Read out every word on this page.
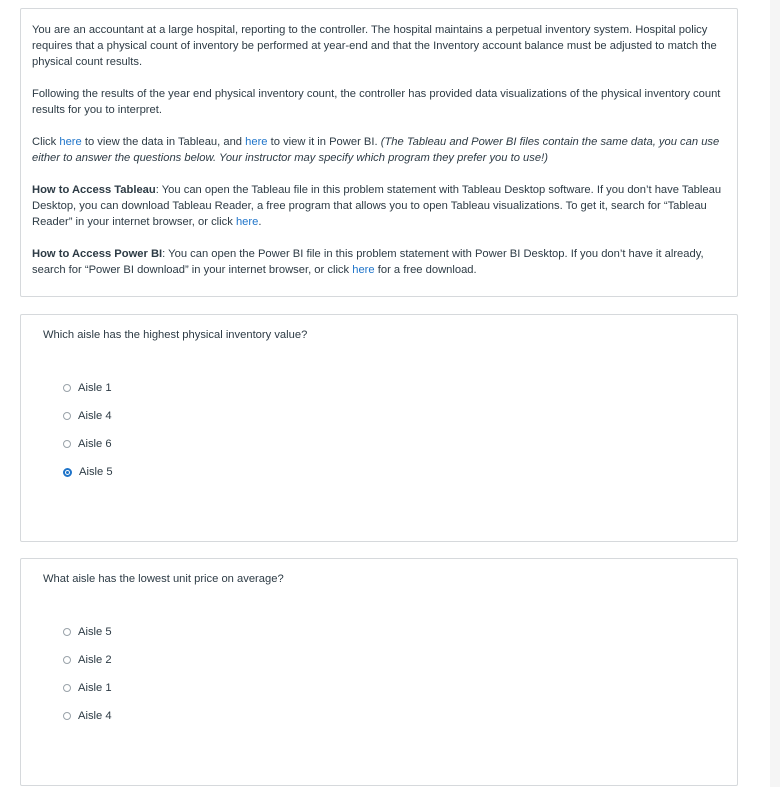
You are an accountant at a large hospital, reporting to the controller. The hospital maintains a perpetual inventory system. Hospital policy requires that a physical count of inventory be performed at year-end and that the Inventory account balance must be adjusted to match the physical count results.

Following the results of the year end physical inventory count, the controller has provided data visualizations of the physical inventory count results for you to interpret.

Click here to view the data in Tableau, and here to view it in Power BI. (The Tableau and Power BI files contain the same data, you can use either to answer the questions below. Your instructor may specify which program they prefer you to use!)

How to Access Tableau: You can open the Tableau file in this problem statement with Tableau Desktop software. If you don’t have Tableau Desktop, you can download Tableau Reader, a free program that allows you to open Tableau visualizations. To get it, search for “Tableau Reader” in your internet browser, or click here.

How to Access Power BI: You can open the Power BI file in this problem statement with Power BI Desktop. If you don’t have it already, search for “Power BI download” in your internet browser, or click here for a free download.

Which aisle has the highest physical inventory value?
Aisle 1
Aisle 4
Aisle 6
Aisle 5
What aisle has the lowest unit price on average?
Aisle 5
Aisle 2
Aisle 1
Aisle 4
